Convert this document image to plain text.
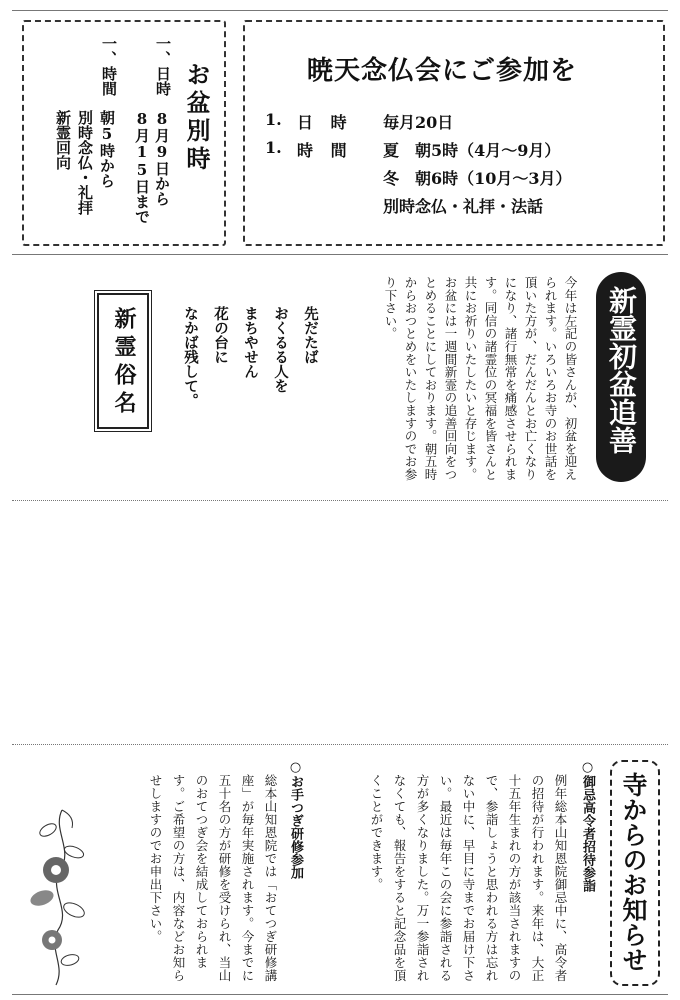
お盆別時
一、日時
8月9日から
8月15日まで
一、時間
朝5時から
別時念仏・礼拝
新霊回向
暁天念仏会にご参加を
1. 日 時 毎月20日
1. 時 間 夏　朝5時（4月～9月）
冬　朝6時（10月～3月）
別時念仏・礼拝・法話
新霊初盆追善
今年は左記の皆さんが、初盆を迎えられます。いろいろお寺のお世話を頂いた方が、だんだんとお亡くなりになり、諸行無常を痛感させられます。同信の諸霊位の冥福を皆さんと共にお祈りいたしたいと存じます。お盆には一週間新霊の追善回向をつとめることにしております。朝五時からおつとめをいたしますのでお参り下さい。
先だたば
おくるる人を
まちやせん
花の台に
なかば残して。
新霊俗名
寺からのお知らせ
○御忌高令者招待参詣
例年総本山知恩院御忌中に、高令者の招待が行われます。来年は、大正十五年生まれの方が該当されますので、参詣しょうと思われる方は忘れない中に、早目に寺までお届け下さい。最近は毎年この会に参詣される方が多くなりました。万一参詣されなくても、報告をすると記念品を頂くことができます。
○お手つぎ研修参加
総本山知恩院では「おてつぎ研修講座」が毎年実施されます。今までに五十名の方が研修を受けられ、当山のおてつぎ会を結成しておられます。ご希望の方は、内容などお知らせしますのでお申出下さい。
